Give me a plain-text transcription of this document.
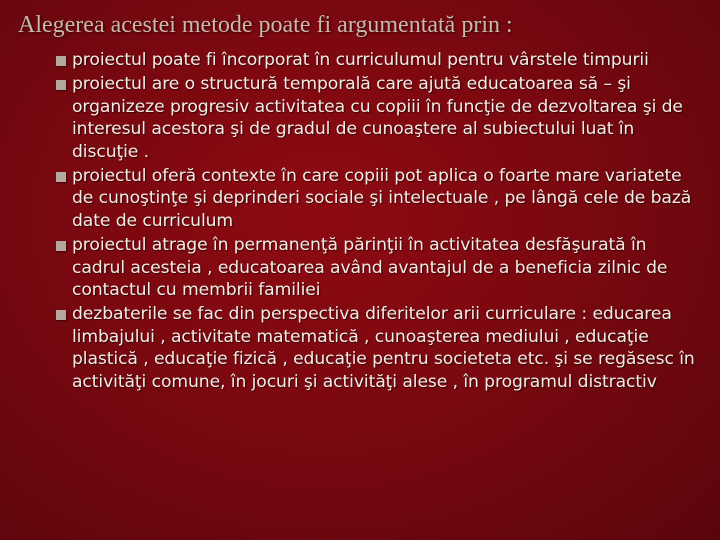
Alegerea acestei metode poate fi argumentată prin :
proiectul poate fi încorporat în curriculumul pentru vârstele timpurii
proiectul are o structură temporală care ajută educatoarea să – şi organizeze progresiv activitatea cu copiii în funcţie de dezvoltarea şi de interesul acestora şi de gradul de cunoaştere al subiectului luat în discuţie .
proiectul oferă contexte în care copiii pot aplica o foarte mare variatete de cunoştinţe şi deprinderi sociale şi intelectuale , pe lângă cele de bază date de curriculum
proiectul atrage în permanenţă părinţii în activitatea desfăşurată în cadrul acesteia , educatoarea având avantajul de a beneficia zilnic de contactul cu membrii familiei
dezbaterile se fac din perspectiva diferitelor arii curriculare : educarea limbajului , activitate matematică , cunoaşterea mediului , educaţie plastică , educaţie fizică , educaţie pentru societeta etc. şi se regăsesc în activităţi comune, în jocuri şi activităţi alese , în programul distractiv
